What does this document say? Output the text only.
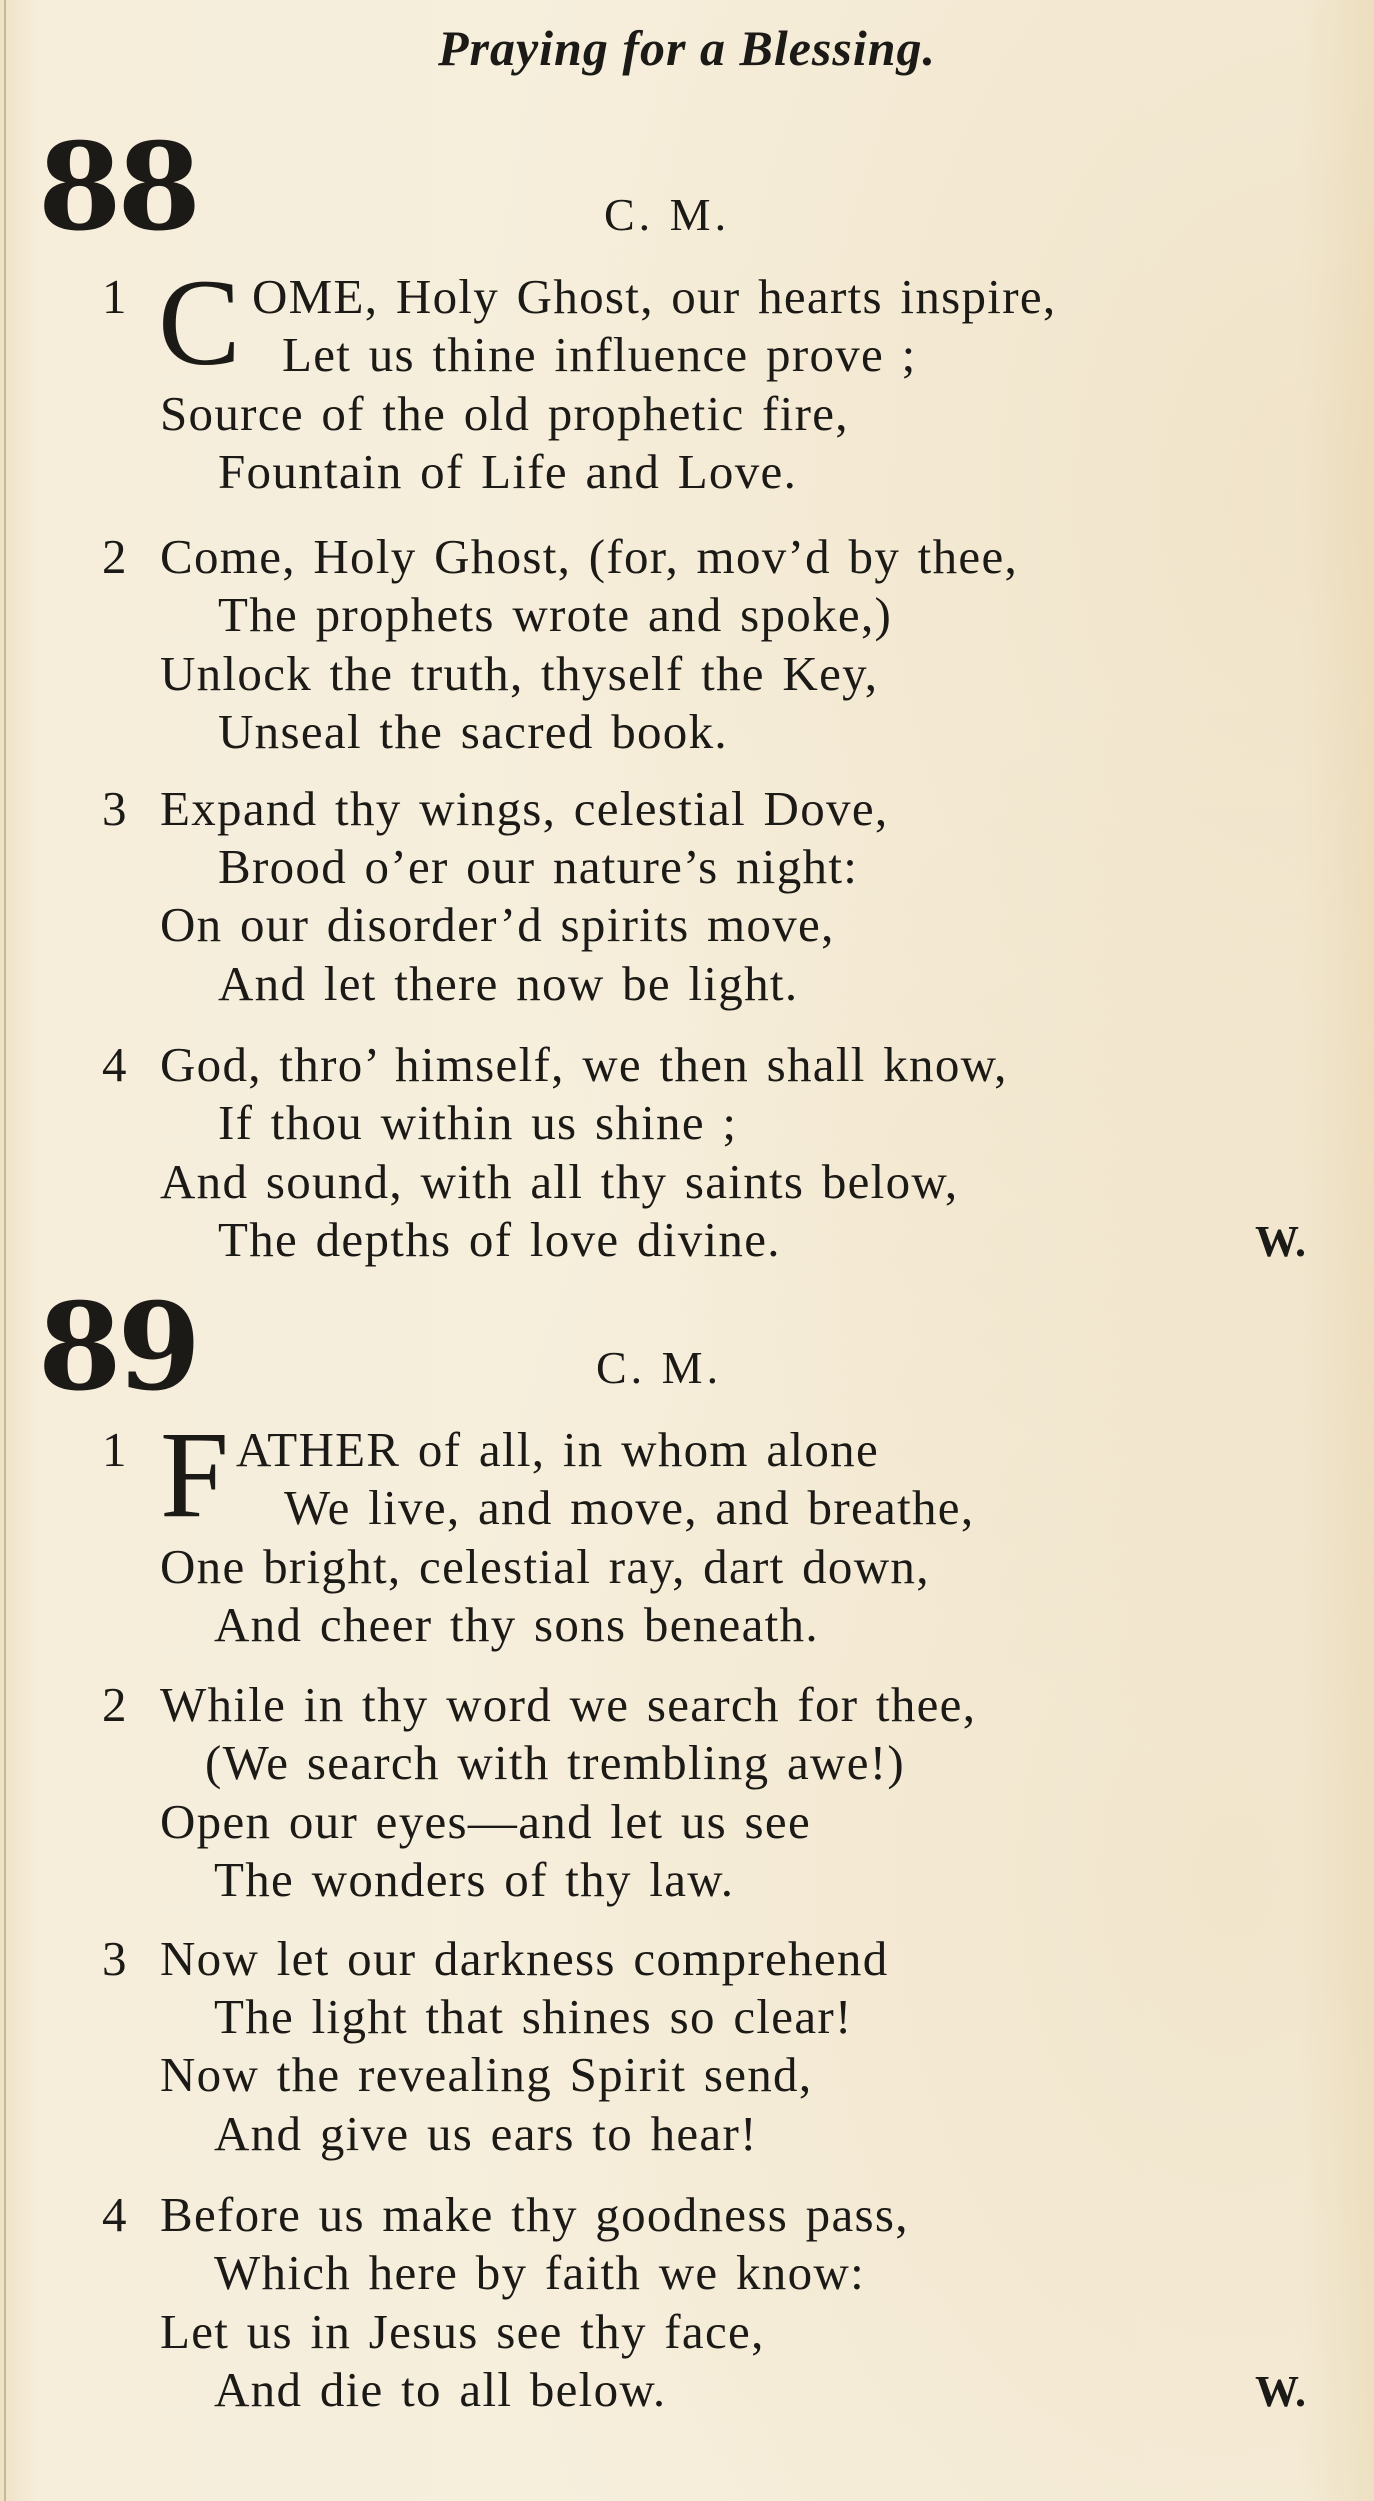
Praying for a Blessing.
88	C. M.
1 C OME, Holy Ghost, our hearts inspire,
Let us thine influence prove ;
Source of the old prophetic fire,
Fountain of Life and Love.
2 Come, Holy Ghost, (for, mov’d by thee,
The prophets wrote and spoke,)
Unlock the truth, thyself the Key,
Unseal the sacred book.
3 Expand thy wings, celestial Dove,
Brood o’er our nature’s night:
On our disorder’d spirits move,
And let there now be light.
4 God, thro’ himself, we then shall know,
If thou within us shine ;
And sound, with all thy saints below,
The depths of love divine.	W.
89	C. M.
1 F ATHER of all, in whom alone
We live, and move, and breathe,
One bright, celestial ray, dart down,
And cheer thy sons beneath.
2 While in thy word we search for thee,
(We search with trembling awe!)
Open our eyes—and let us see
The wonders of thy law.
3 Now let our darkness comprehend
The light that shines so clear!
Now the revealing Spirit send,
And give us ears to hear!
4 Before us make thy goodness pass,
Which here by faith we know:
Let us in Jesus see thy face,
And die to all below.	W.
